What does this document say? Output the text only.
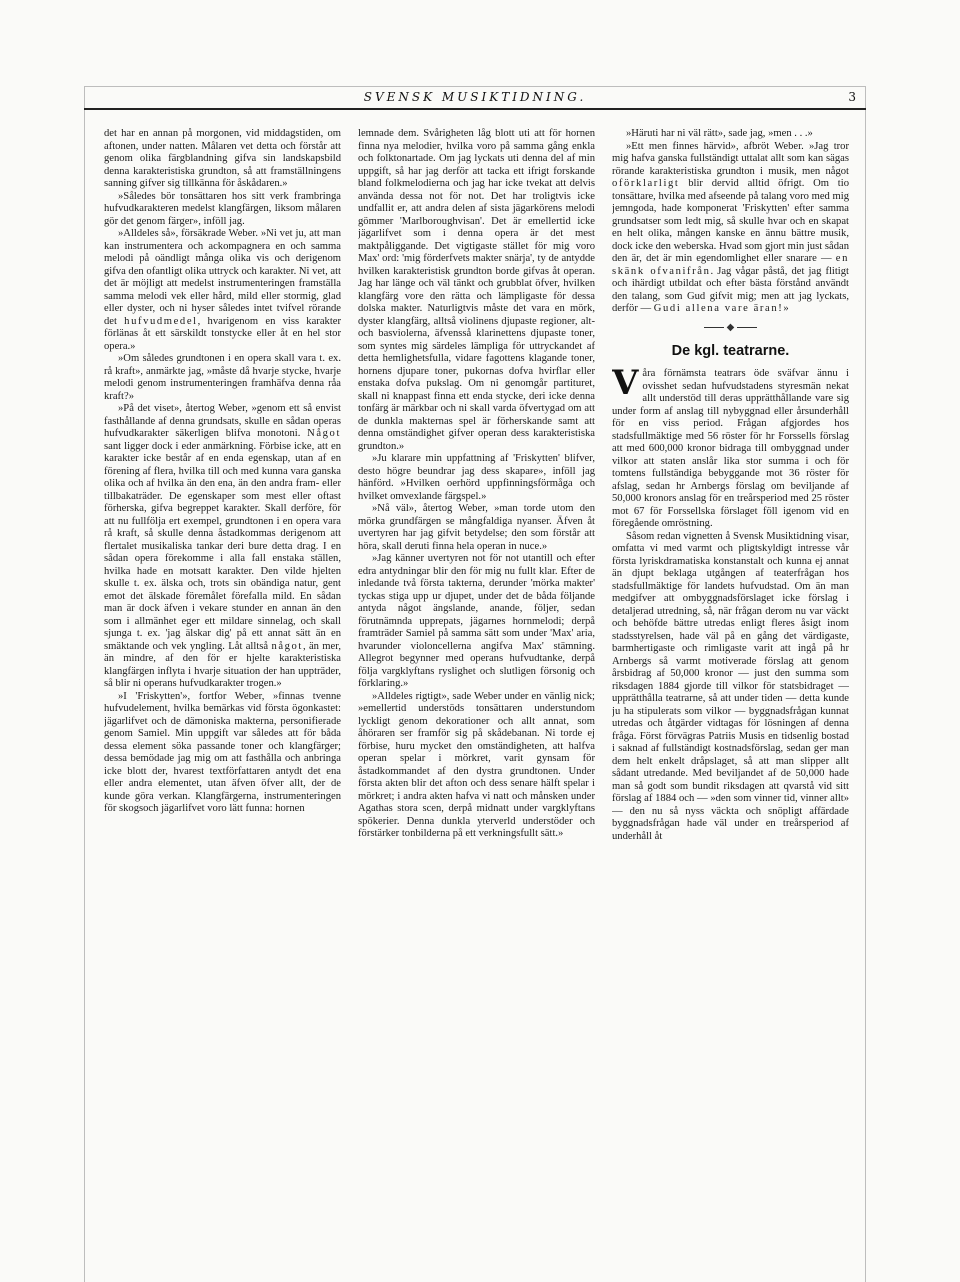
SVENSK MUSIKTIDNING.	3

det har en annan på morgonen, vid middagstiden, om aftonen, under natten. Målaren vet detta och förstår att genom olika färgblandning gifva sin landskapsbild denna karakteristiska grundton, så att framställningens sanning gifver sig tillkänna för åskådaren.»

»Således bör tonsättaren hos sitt verk frambringa hufvudkarakteren medelst klangfärgen, liksom målaren gör det genom färger», inföll jag.

»Alldeles så», försäkrade Weber. »Ni vet ju, att man kan instrumentera och ackompagnera en och samma melodi på oändligt många olika vis och derigenom gifva den ofantligt olika uttryck och karakter. Ni vet, att det är möjligt att medelst instrumenteringen framställa samma melodi vek eller hård, mild eller stormig, glad eller dyster, och ni hyser således intet tvifvel rörande det hufvudmedel, hvarigenom en viss karakter förlänas åt ett särskildt tonstycke eller åt en hel stor opera.»

»Om således grundtonen i en opera skall vara t. ex. rå kraft», anmärkte jag, »måste då hvarje stycke, hvarje melodi genom instrumenteringen framhäfva denna råa kraft?»

»På det viset», återtog Weber, »genom ett så envist fasthållande af denna grundsats, skulle en sådan operas hufvudkarakter säkerligen blifva monotoni. Något sant ligger dock i eder anmärkning. Förbise icke, att en karakter icke består af en enda egenskap, utan af en förening af flera, hvilka till och med kunna vara ganska olika och af hvilka än den ena, än den andra fram- eller tillbakaträder. De egenskaper som mest eller oftast förherska, gifva begreppet karakter. Skall derföre, för att nu fullfölja ert exempel, grundtonen i en opera vara rå kraft, så skulle denna åstadkommas derigenom att flertalet musikaliska tankar deri bure detta drag. I en sådan opera förekomme i alla fall enstaka ställen, hvilka hade en motsatt karakter. Den vilde hjelten skulle t. ex. älska och, trots sin obändiga natur, gent emot det älskade föremålet förefalla mild. En sådan man är dock äfven i vekare stunder en annan än den som i allmänhet eger ett mildare sinnelag, och skall sjunga t. ex. 'jag älskar dig' på ett annat sätt än en smäktande och vek yngling. Låt alltså något, än mer, än mindre, af den för er hjelte karakteristiska klangfärgen inflyta i hvarje situation der han uppträder, så blir ni operans hufvudkarakter trogen.»

»I 'Friskytten'», fortfor Weber, »finnas tvenne hufvudelement, hvilka bemärkas vid första ögonkastet: jägarlifvet och de dämoniska makterna, personifierade genom Samiel. Min uppgift var således att för båda dessa element söka passande toner och klangfärger; dessa bemödade jag mig om att fasthålla och anbringa icke blott der, hvarest textförfattaren antydt det ena eller andra elementet, utan äfven öfver allt, der de kunde göra verkan. Klangfärgerna, instrumenteringen för skogsoch jägarlifvet voro lätt funna: hornen

lemnade dem. Svårigheten låg blott uti att för hornen finna nya melodier, hvilka voro på samma gång enkla och folktonartade. Om jag lyckats uti denna del af min uppgift, så har jag derför att tacka ett ifrigt forskande bland folkmelodierna och jag har icke tvekat att delvis använda dessa not för not. Det har troligtvis icke undfallit er, att andra delen af sista jägarkörens melodi gömmer 'Marlboroughvisan'. Det är emellertid icke jägarlifvet som i denna opera är det mest maktpåliggande. Det vigtigaste stället för mig voro Max' ord: 'mig förderfvets makter snärja', ty de antydde hvilken karakteristisk grundton borde gifvas åt operan. Jag har länge och väl tänkt och grubblat öfver, hvilken klangfärg vore den rätta och lämpligaste för dessa dolska makter. Naturligtvis måste det vara en mörk, dyster klangfärg, alltså violinens djupaste regioner, alt- och basviolerna, äfvensså klarinettens djupaste toner, som syntes mig särdeles lämpliga för uttryckandet af detta hemlighetsfulla, vidare fagottens klagande toner, hornens djupare toner, pukornas dofva hvirflar eller enstaka dofva pukslag. Om ni genomgår partituret, skall ni knappast finna ett enda stycke, deri icke denna tonfärg är märkbar och ni skall varda öfvertygad om att de dunkla makternas spel är förherskande samt att denna omständighet gifver operan dess karakteristiska grundton.»

»Ju klarare min uppfattning af 'Friskytten' blifver, desto högre beundrar jag dess skapare», inföll jag hänförd. »Hvilken oerhörd uppfinningsförmåga och hvilket omvexlande färgspel.»

»Nå väl», återtog Weber, »man torde utom den mörka grundfärgen se mångfaldiga nyanser. Äfven åt uvertyren har jag gifvit betydelse; den som förstår att höra, skall deruti finna hela operan in nuce.»

»Jag känner uvertyren not för not utantill och efter edra antydningar blir den för mig nu fullt klar. Efter de inledande två första takterna, derunder 'mörka makter' tyckas stiga upp ur djupet, under det de båda följande antyda något ängslande, anande, följer, sedan förutnämnda upprepats, jägarnes hornmelodi; derpå framträder Samiel på samma sätt som under 'Max' aria, hvarunder violoncellerna angifva Max' stämning. Allegrot begynner med operans hufvudtanke, derpå följa vargklyftans ryslighet och slutligen försonig och förklaring.»

»Alldeles rigtigt», sade Weber under en vänlig nick; »emellertid understöds tonsättaren understundom lyckligt genom dekorationer och allt annat, som åhöraren ser framför sig på skådebanan. Ni torde ej förbise, huru mycket den omständigheten, att halfva operan spelar i mörkret, varit gynsam för åstadkommandet af den dystra grundtonen. Under första akten blir det afton och dess senare hälft spelar i mörkret; i andra akten hafva vi natt och månsken under Agathas stora scen, derpå midnatt under vargklyftans spökerier. Denna dunkla yterverld understöder och förstärker tonbilderna på ett verkningsfullt sätt.»

»Häruti har ni väl rätt», sade jag, »men . . .»

»Ett men finnes härvid», afbröt Weber. »Jag tror mig hafva ganska fullständigt uttalat allt som kan sägas rörande karakteristiska grundton i musik, men något oförklarligt blir dervid alltid öfrigt. Om tio tonsättare, hvilka med afseende på talang voro med mig jemngoda, hade komponerat 'Friskytten' efter samma grundsatser som ledt mig, så skulle hvar och en skapat en helt olika, mången kanske en ännu bättre musik, dock icke den weberska. Hvad som gjort min just sådan den är, det är min egendomlighet eller snarare — en skänk ofvanifrån. Jag vågar påstå, det jag flitigt och ihärdigt utbildat och efter bästa förstånd användt den talang, som Gud gifvit mig; men att jag lyckats, derför — Gudi allena vare äran!»

◆
De kgl. teatrarne.

Våra förnämsta teatrars öde sväfvar ännu i ovisshet sedan hufvudstadens styresmän nekat allt understöd till deras upprätthållande vare sig under form af anslag till nybyggnad eller årsunderhåll för en viss period. Frågan afgjordes hos stadsfullmäktige med 56 röster för hr Forssells förslag att med 600,000 kronor bidraga till ombyggnad under vilkor att staten anslår lika stor summa i och för tomtens fullständiga bebyggande mot 36 röster för afslag, sedan hr Arnbergs förslag om beviljande af 50,000 kronors anslag för en treårsperiod med 25 röster mot 67 för Forssellska förslaget föll igenom vid en föregående omröstning.

Såsom redan vignetten å Svensk Musiktidning visar, omfatta vi med varmt och pligtskyldigt intresse vår första lyriskdramatiska konstanstalt och kunna ej annat än djupt beklaga utgången af teaterfrågan hos stadsfullmäktige för landets hufvudstad. Om än man medgifver att ombyggnadsförslaget icke förslag i detaljerad utredning, så, när frågan derom nu var väckt och behöfde bättre utredas enligt fleres åsigt inom stadsstyrelsen, hade väl på en gång det värdigaste, barmhertigaste och rimligaste varit att ingå på hr Arnbergs så varmt motiverade förslag att genom årsbidrag af 50,000 kronor — just den summa som riksdagen 1884 gjorde till vilkor för statsbidraget — upprätthålla teatrarne, så att under tiden — detta kunde ju ha stipulerats som vilkor — byggnadsfrågan kunnat utredas och åtgärder vidtagas för lösningen af denna fråga. Först förvägras Patriis Musis en tidsenlig bostad i saknad af fullständigt kostnadsförslag, sedan ger man dem helt enkelt dråpslaget, så att man slipper allt sådant utredande. Med beviljandet af de 50,000 hade man så godt som bundit riksdagen att qvarstå vid sitt förslag af 1884 och — »den som vinner tid, vinner allt» — den nu så nyss väckta och snöpligt affärdade byggnadsfrågan hade väl under en treårsperiod af underhåll åt
